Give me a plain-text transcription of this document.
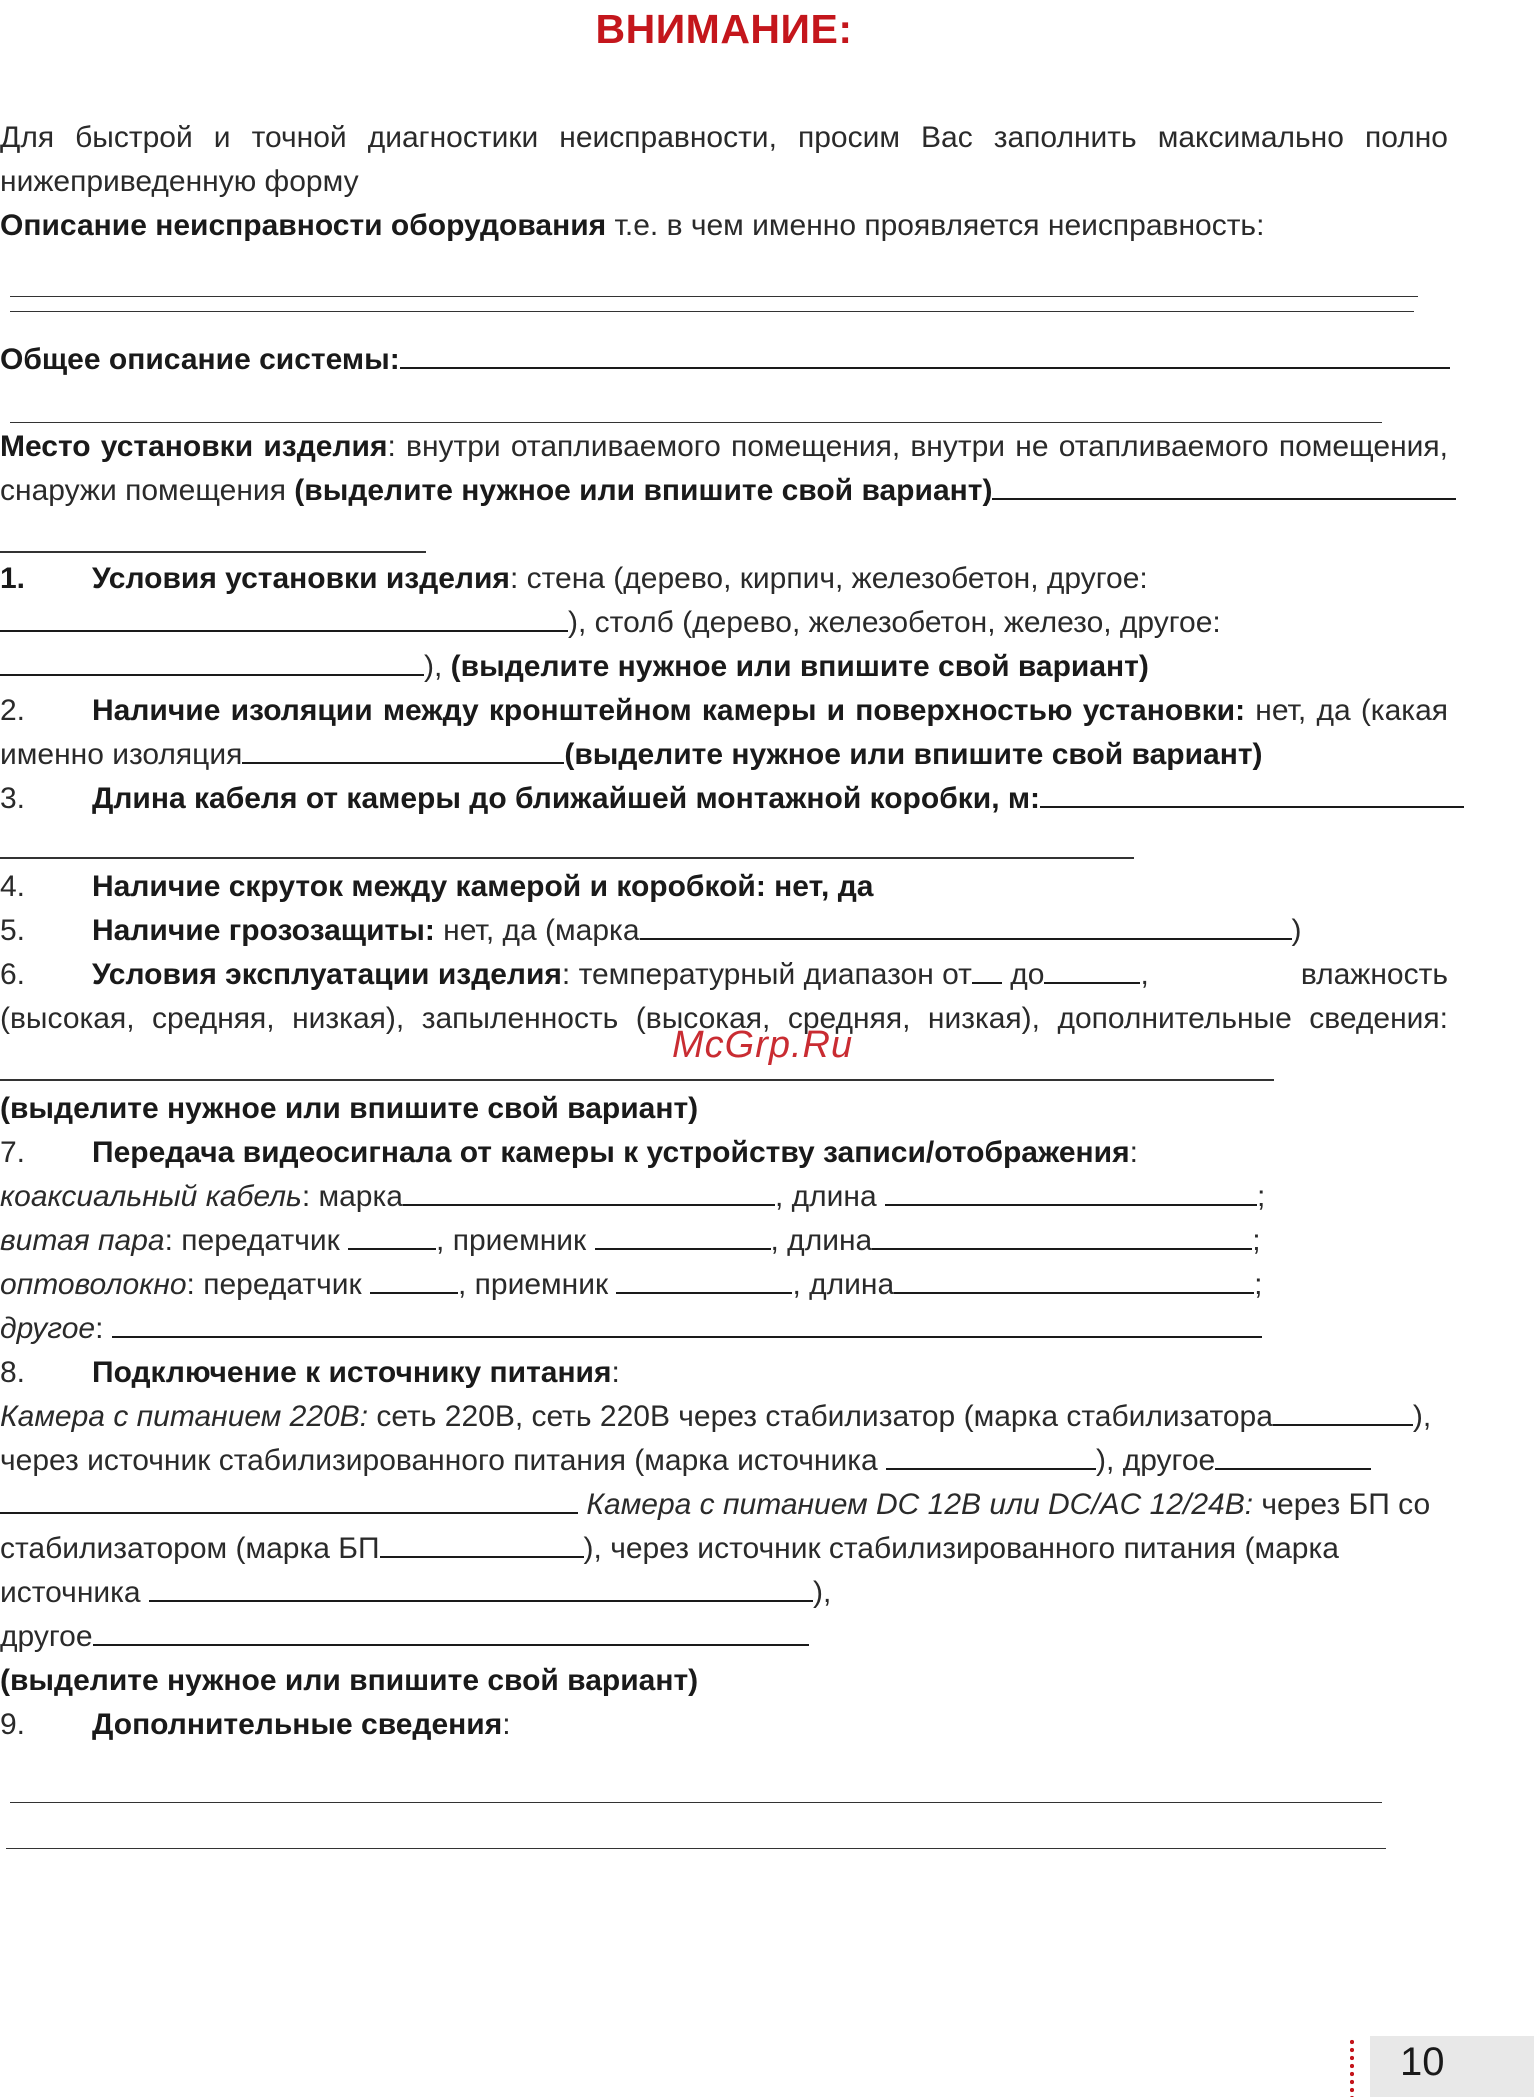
ВНИМАНИЕ:
Для быстрой и точной диагностики неисправности, просим Вас заполнить максимально полно
нижеприведенную форму
Описание неисправности оборудования т.е. в чем именно проявляется неисправность:
Общее описание системы:
Место установки изделия: внутри отапливаемого помещения, внутри не отапливаемого помещения,
снаружи помещения (выделите нужное или впишите свой вариант)
1. Условия установки изделия: стена (дерево, кирпич, железобетон, другое:
), столб (дерево, железобетон, железо, другое:
), (выделите нужное или впишите свой вариант)
2. Наличие изоляции между кронштейном камеры и поверхностью установки: нет, да (какая
именно изоляция	(выделите нужное или впишите свой вариант)
3. Длина кабеля от камеры до ближайшей монтажной коробки, м:
4. Наличие скруток между камерой и коробкой: нет, да
5. Наличие грозозащиты: нет, да (марка	)
6. Условия эксплуатации изделия: температурный диапазон от до	,	влажность
(высокая, средняя, низкая), запыленность (высокая, средняя, низкая), дополнительные сведения:
(выделите нужное или впишите свой вариант)
7. Передача видеосигнала от камеры к устройству записи/отображения:
коаксиальный кабель: марка	, длина	;
витая пара: передатчик	, приемник	, длина	;
оптоволокно: передатчик	, приемник	, длина	;
другое:
8. Подключение к источнику питания:
Камера с питанием 220В: сеть 220В, сеть 220В через стабилизатор (марка стабилизатора	),
через источник стабилизированного питания (марка источника	), другое
Камера с питанием DC 12В или DC/AC 12/24В: через БП со
стабилизатором (марка БП	), через источник стабилизированного питания (марка
источника	),
другое
(выделите нужное или впишите свой вариант)
9. Дополнительные сведения:
McGrp.Ru
10
